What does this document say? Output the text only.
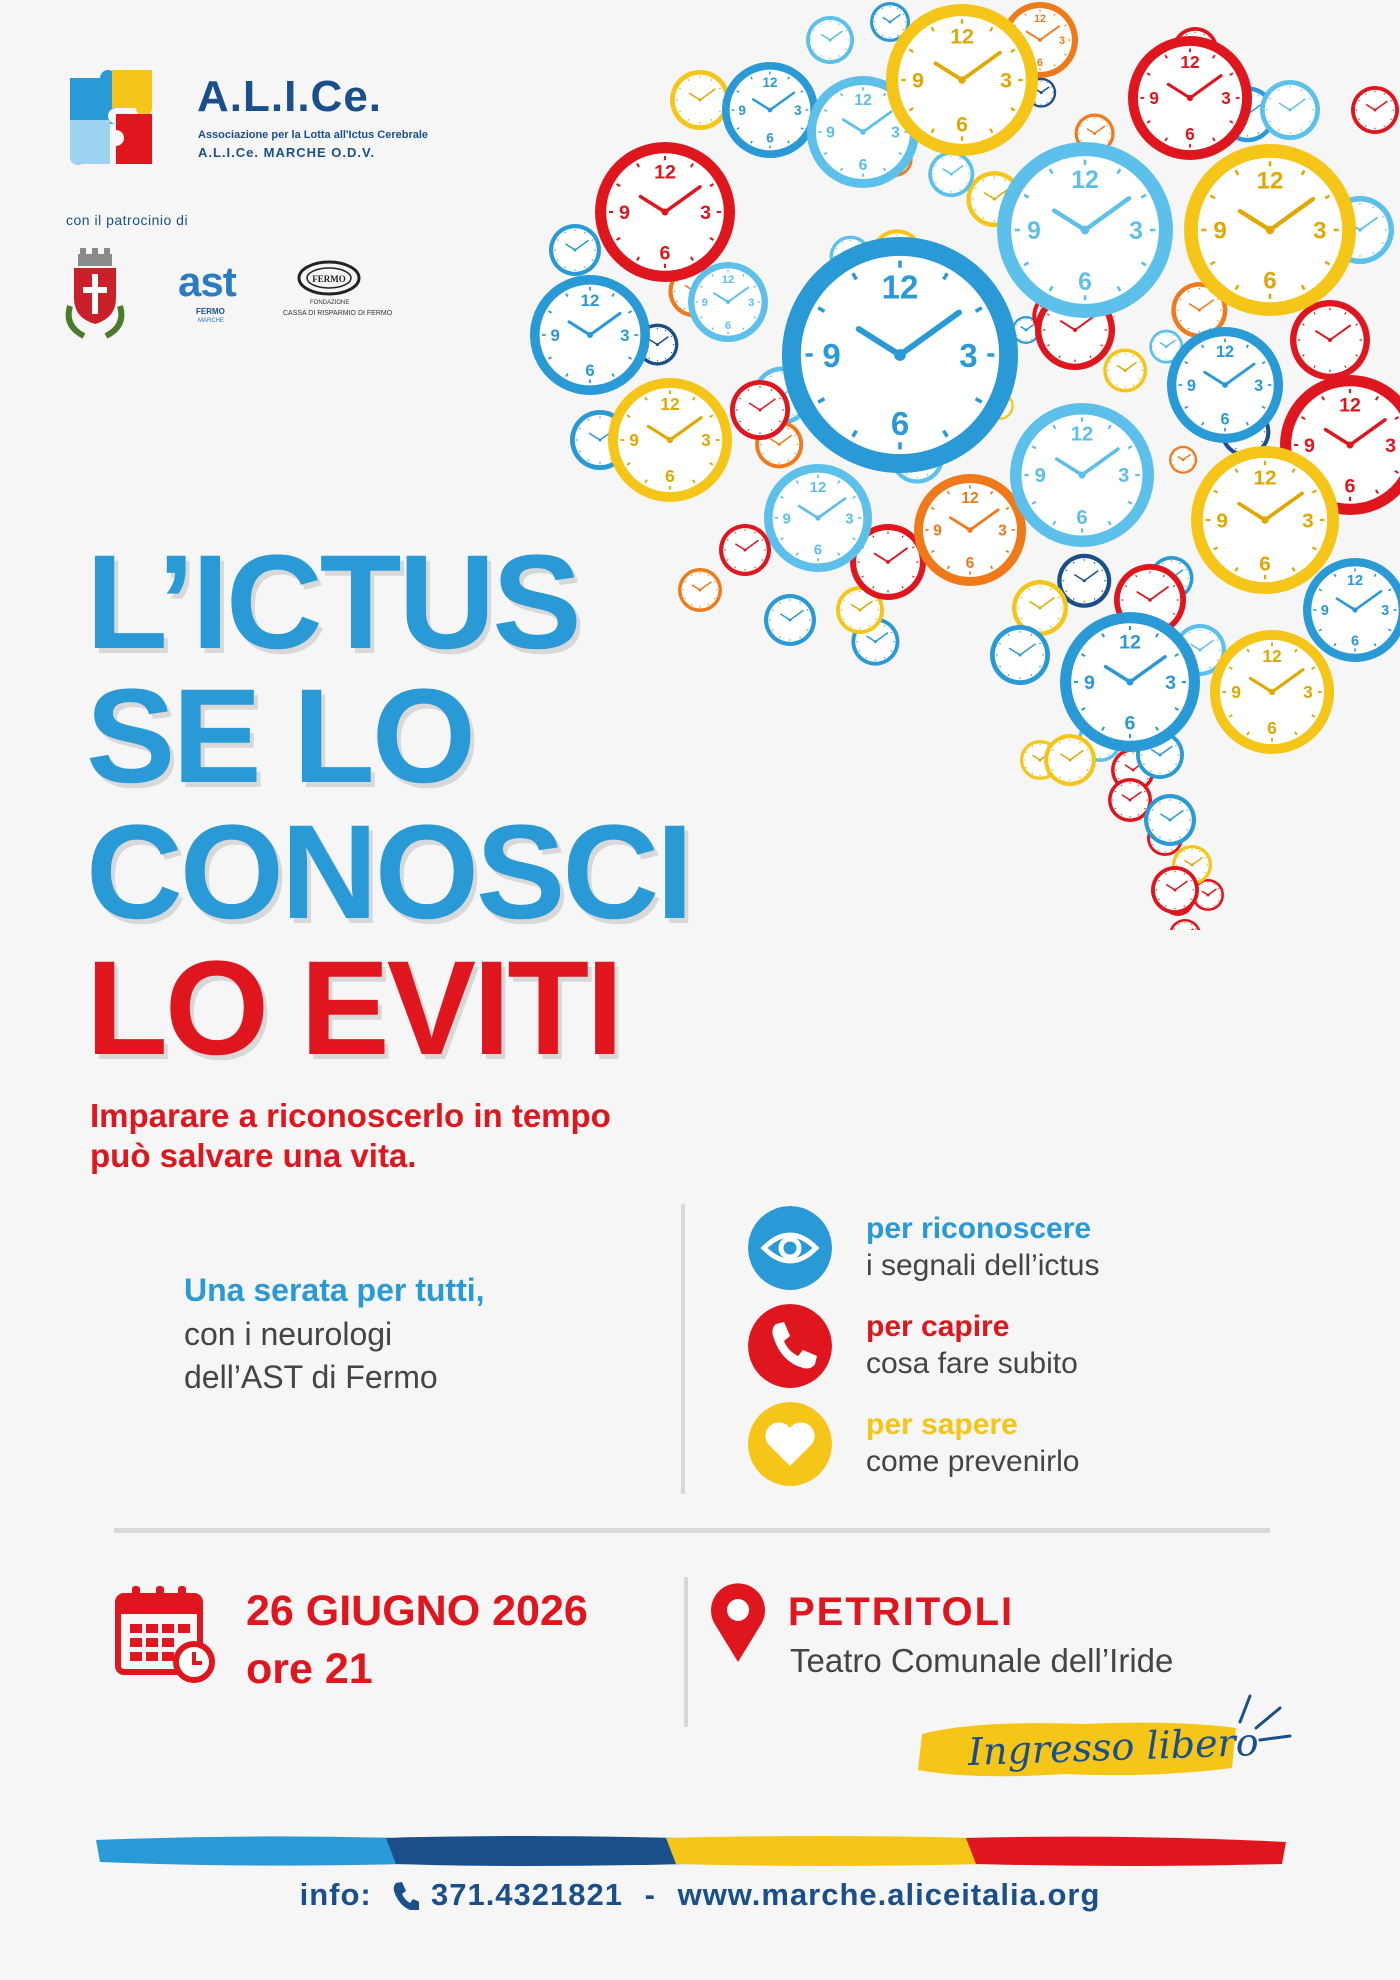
A.L.I.Ce.
Associazione per la Lotta all'Ictus Cerebrale
A.L.I.Ce. MARCHE O.D.V.
con il patrocinio di
ast
FERMO
MARCHE
FERMO
FONDAZIONE
CASSA DI RISPARMIO DI FERMO
12
3
6
12
3
6
9
12
3
6
9
12
3
6
9
12
3
6
9
12
3
6
9
12
3
6
9
12
3
6
9
12
3
6
9
12
3
6
9
12
3
6
9
12
3
6
9
12
3
6
9
12
3
6
9
12
3
6
9
12
3
6
9	12
3
6
9
12
3
6
9
12
3
6
9
12
3
6
9
12
3
6
9
L’ICTUS
SE LO
CONOSCI
LO EVITI
Imparare a riconoscerlo in tempo
può salvare una vita.
Una serata per tutti,
con i neurologi
dell’AST di Fermo
per riconoscere
i segnali dell’ictus
per capire
cosa fare subito
per sapere
come prevenirlo
26 GIUGNO 2026
ore 21
PETRITOLI
Teatro Comunale dell’Iride
Ingresso libero
info: 371.4321821 - www.marche.aliceitalia.org
